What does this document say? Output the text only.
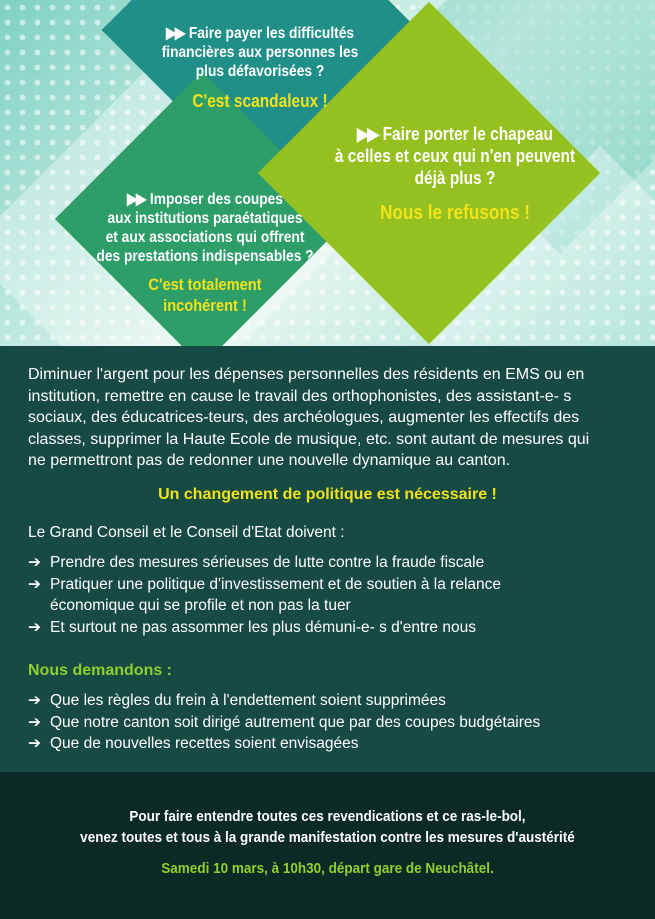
▶▶ Faire payer les difficultés
financières aux personnes les
plus défavorisées ?
C'est scandaleux !
▶▶ Faire porter le chapeau
à celles et ceux qui n'en peuvent
déjà plus ?
Nous le refusons !
▶▶ Imposer des coupes
aux institutions paraétatiques
et aux associations qui offrent
des prestations indispensables ?
C'est totalement
incohérent !
Diminuer l'argent pour les dépenses personnelles des résidents en EMS ou en
institution, remettre en cause le travail des orthophonistes, des assistant-e- s
sociaux, des éducatrices-teurs, des archéologues, augmenter les effectifs des
classes, supprimer la Haute Ecole de musique, etc. sont autant de mesures qui
ne permettront pas de redonner une nouvelle dynamique au canton.
Un changement de politique est nécessaire !
Le Grand Conseil et le Conseil d'Etat doivent :
➔ Prendre des mesures sérieuses de lutte contre la fraude fiscale
➔ Pratiquer une politique d'investissement et de soutien à la relance
économique qui se profile et non pas la tuer
➔ Et surtout ne pas assommer les plus démuni-e- s d'entre nous
Nous demandons :
➔ Que les règles du frein à l'endettement soient supprimées
➔ Que notre canton soit dirigé autrement que par des coupes budgétaires
➔ Que de nouvelles recettes soient envisagées
Pour faire entendre toutes ces revendications et ce ras-le-bol,
venez toutes et tous à la grande manifestation contre les mesures d'austérité
Samedi 10 mars, à 10h30, départ gare de Neuchâtel.
